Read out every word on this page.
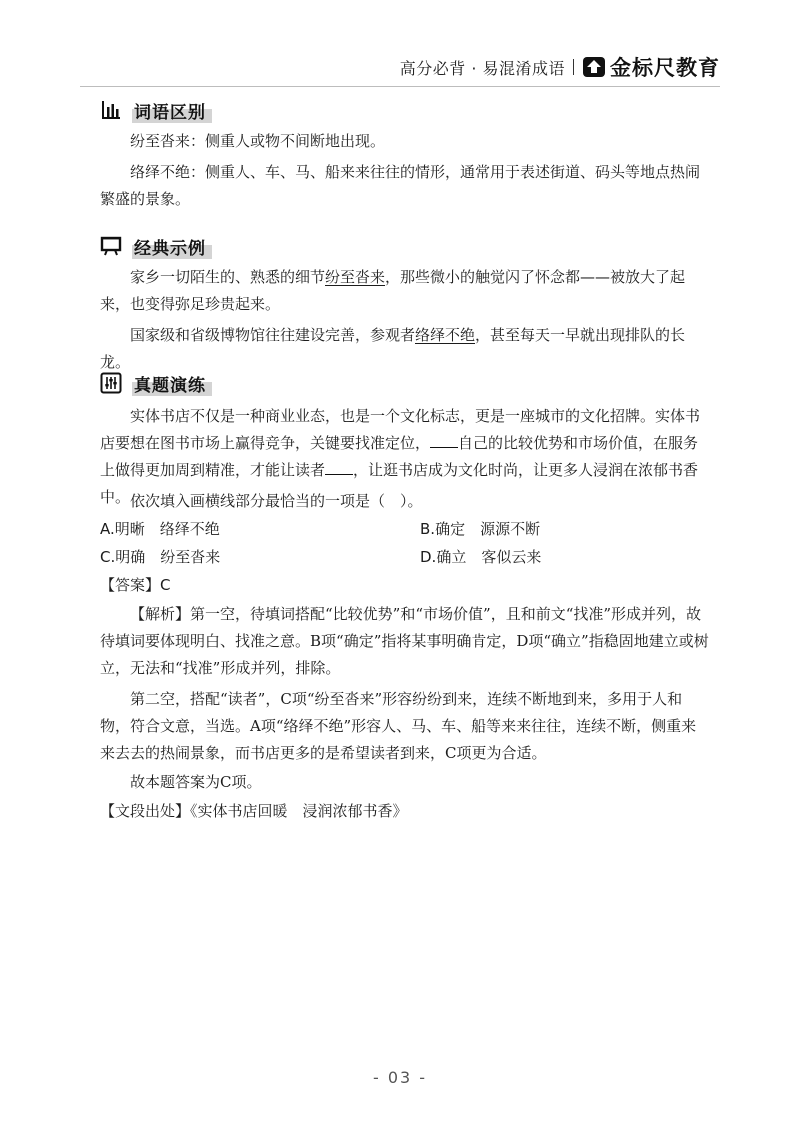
高分必背 · 易混淆成语 金标尺教育
词语区别

纷至沓来：侧重人或物不间断地出现。

络绎不绝：侧重人、车、马、船来来往往的情形，通常用于表述街道、码头等地点热闹繁盛的景象。

经典示例

家乡一切陌生的、熟悉的细节纷至沓来，那些微小的触觉闪了怀念都——被放大了起来，也变得弥足珍贵起来。

国家级和省级博物馆往往建设完善，参观者络绎不绝，甚至每天一早就出现排队的长龙。

真题演练

实体书店不仅是一种商业业态，也是一个文化标志，更是一座城市的文化招牌。实体书店要想在图书市场上赢得竞争，关键要找准定位， 自己的比较优势和市场价值，在服务上做得更加周到精准，才能让读者 ，让逛书店成为文化时尚，让更多人浸润在浓郁书香中。 依次填入画横线部分最恰当的一项是（　）。

A.明晰　络绎不绝	B.确定　源源不断
C.明确　纷至沓来	D.确立　客似云来

【答案】C

【解析】第一空，待填词搭配“比较优势”和“市场价值”，且和前文“找准”形成并列，故待填词要体现明白、找准之意。B项“确定”指将某事明确肯定，D项“确立”指稳固地建立或树立，无法和“找准”形成并列，排除。

第二空，搭配“读者”，C项“纷至沓来”形容纷纷到来，连续不断地到来，多用于人和物，符合文意，当选。A项“络绎不绝”形容人、马、车、船等来来往往，连续不断，侧重来来去去的热闹景象，而书店更多的是希望读者到来，C项更为合适。

故本题答案为C项。

【文段出处】《实体书店回暖　浸润浓郁书香》

- 03 -
